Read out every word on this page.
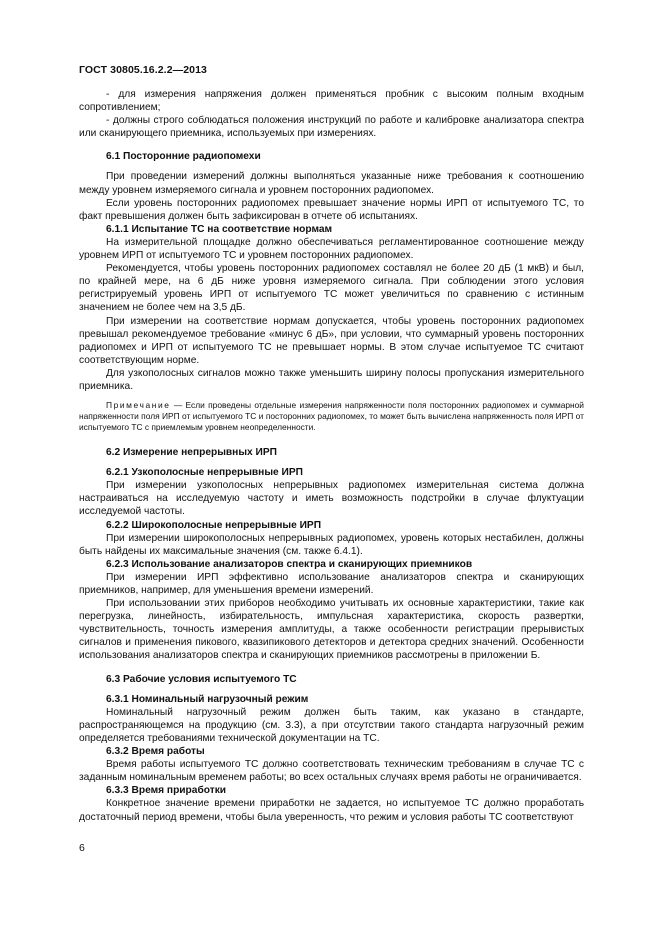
ГОСТ 30805.16.2.2—2013

- для измерения напряжения должен применяться пробник с высоким полным входным сопротивлением;

- должны строго соблюдаться положения инструкций по работе и калибровке анализатора спектра или сканирующего приемника, используемых при измерениях.

6.1 Посторонние радиопомехи

При проведении измерений должны выполняться указанные ниже требования к соотношению между уровнем измеряемого сигнала и уровнем посторонних радиопомех.

Если уровень посторонних радиопомех превышает значение нормы ИРП от испытуемого ТС, то факт превышения должен быть зафиксирован в отчете об испытаниях.

6.1.1 Испытание ТС на соответствие нормам

На измерительной площадке должно обеспечиваться регламентированное соотношение между уровнем ИРП от испытуемого ТС и уровнем посторонних радиопомех.

Рекомендуется, чтобы уровень посторонних радиопомех составлял не более 20 дБ (1 мкВ) и был, по крайней мере, на 6 дБ ниже уровня измеряемого сигнала. При соблюдении этого условия регистрируемый уровень ИРП от испытуемого ТС может увеличиться по сравнению с истинным значением не более чем на 3,5 дБ.

При измерении на соответствие нормам допускается, чтобы уровень посторонних радиопомех превышал рекомендуемое требование «минус 6 дБ», при условии, что суммарный уровень посторонних радиопомех и ИРП от испытуемого ТС не превышает нормы. В этом случае испытуемое ТС считают соответствующим норме.

Для узкополосных сигналов можно также уменьшить ширину полосы пропускания измерительного приемника.

Примечание — Если проведены отдельные измерения напряженности поля посторонних радиопомех и суммарной напряженности поля ИРП от испытуемого ТС и посторонних радиопомех, то может быть вычислена напряженность поля ИРП от испытуемого ТС с приемлемым уровнем неопределенности.

6.2 Измерение непрерывных ИРП
6.2.1 Узкополосные непрерывные ИРП

При измерении узкополосных непрерывных радиопомех измерительная система должна настраиваться на исследуемую частоту и иметь возможность подстройки в случае флуктуации исследуемой частоты.

6.2.2 Широкополосные непрерывные ИРП

При измерении широкополосных непрерывных радиопомех, уровень которых нестабилен, должны быть найдены их максимальные значения (см. также 6.4.1).

6.2.3 Использование анализаторов спектра и сканирующих приемников

При измерении ИРП эффективно использование анализаторов спектра и сканирующих приемников, например, для уменьшения времени измерений.

При использовании этих приборов необходимо учитывать их основные характеристики, такие как перегрузка, линейность, избирательность, импульсная характеристика, скорость развертки, чувствительность, точность измерения амплитуды, а также особенности регистрации прерывистых сигналов и применения пикового, квазипикового детекторов и детектора средних значений. Особенности использования анализаторов спектра и сканирующих приемников рассмотрены в приложении Б.

6.3 Рабочие условия испытуемого ТС
6.3.1 Номинальный нагрузочный режим

Номинальный нагрузочный режим должен быть таким, как указано в стандарте, распространяющемся на продукцию (см. 3.3), а при отсутствии такого стандарта нагрузочный режим определяется требованиями технической документации на ТС.

6.3.2 Время работы

Время работы испытуемого ТС должно соответствовать техническим требованиям в случае ТС с заданным номинальным временем работы; во всех остальных случаях время работы не ограничивается.

6.3.3 Время приработки

Конкретное значение времени приработки не задается, но испытуемое ТС должно проработать достаточный период времени, чтобы была уверенность, что режим и условия работы ТС соответствуют

6
